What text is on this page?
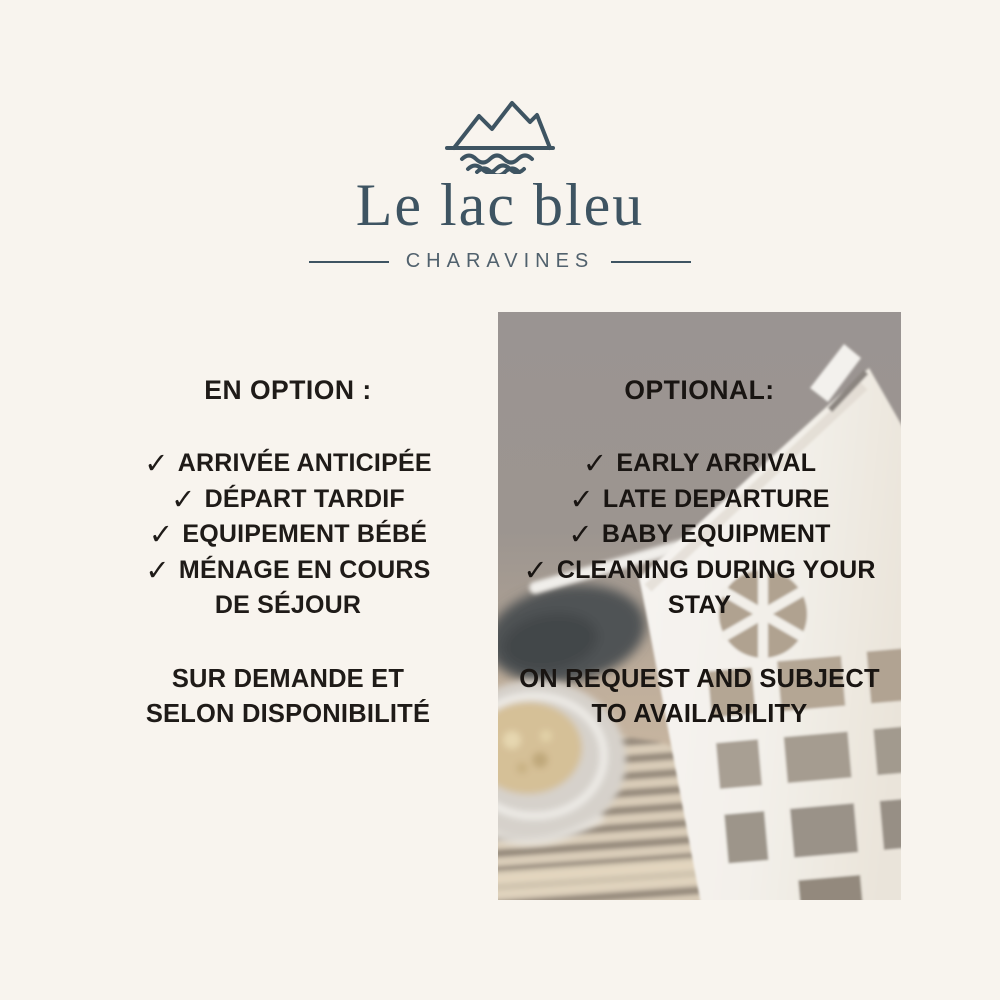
Le lac bleu
CHARAVINES
EN OPTION :
✓ ARRIVÉE ANTICIPÉE
✓ DÉPART TARDIF
✓ EQUIPEMENT BÉBÉ
✓ MÉNAGE EN COURS DE SÉJOUR
SUR DEMANDE ET SELON DISPONIBILITÉ
OPTIONAL:
✓ EARLY ARRIVAL
✓ LATE DEPARTURE
✓ BABY EQUIPMENT
✓ CLEANING DURING YOUR STAY
ON REQUEST AND SUBJECT TO AVAILABILITY
